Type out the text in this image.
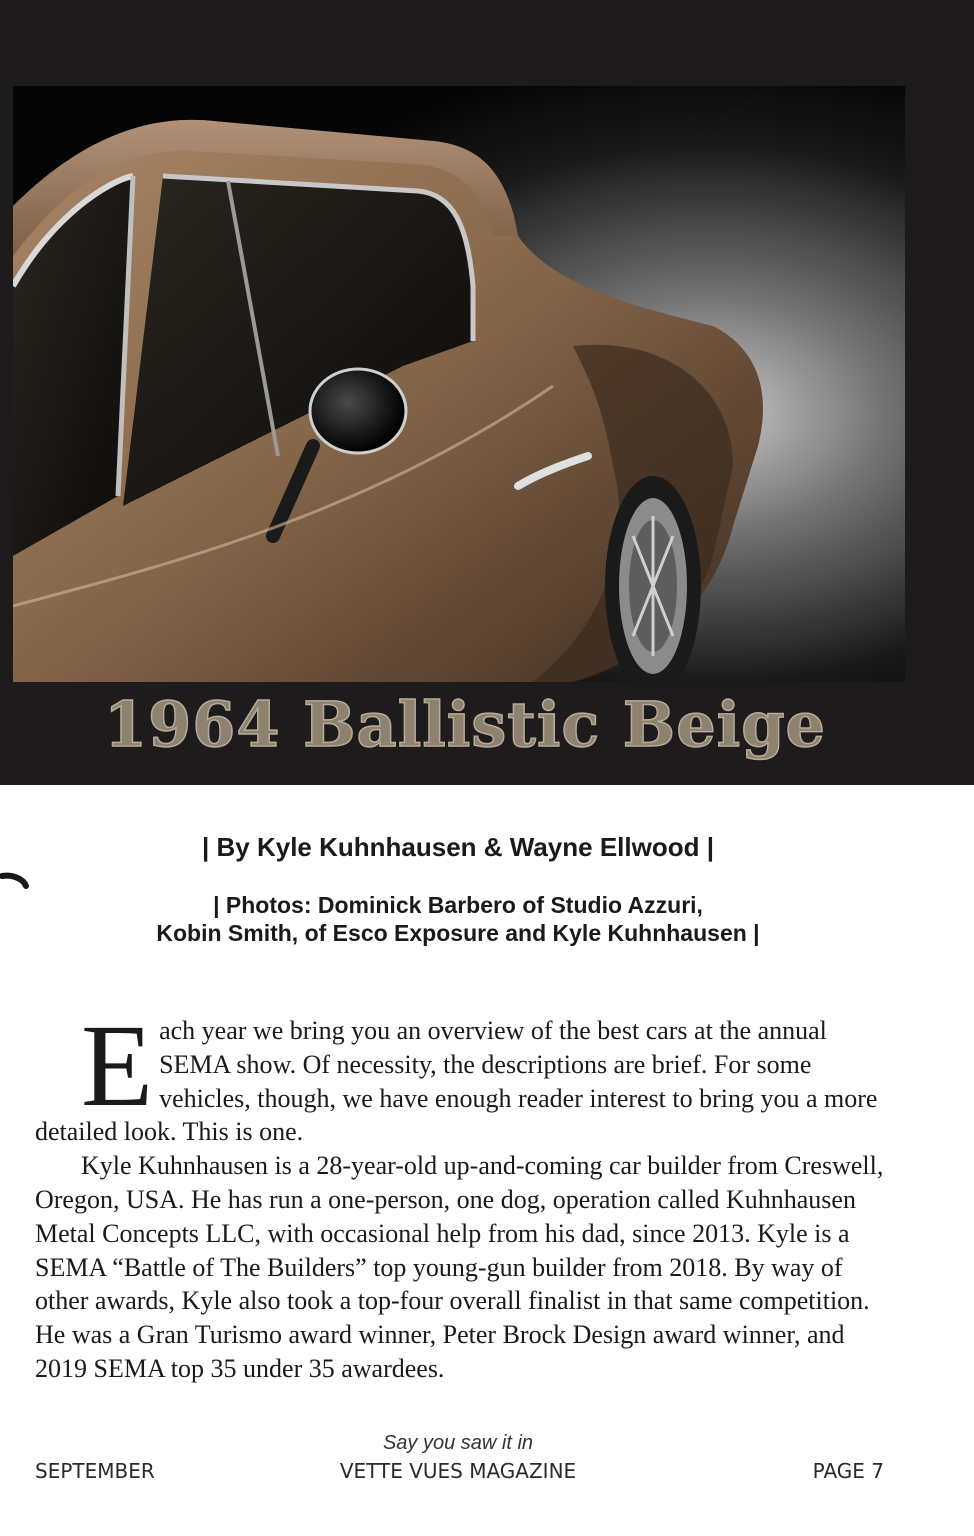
1964 Ballistic Beige
| By Kyle Kuhnhausen & Wayne Ellwood |
| Photos: Dominick Barbero of Studio Azzuri,
Kobin Smith, of Esco Exposure and Kyle Kuhnhausen |

Each year we bring you an overview of the best cars at the annual SEMA show. Of necessity, the descriptions are brief. For some vehicles, though, we have enough reader interest to bring you a more detailed look. This is one.

Kyle Kuhnhausen is a 28-year-old up-and-coming car builder from Creswell, Oregon, USA. He has run a one-person, one dog, operation called Kuhnhausen Metal Concepts LLC, with occasional help from his dad, since 2013. Kyle is a SEMA “Battle of The Builders” top young-gun builder from 2018. By way of other awards, Kyle also took a top-four overall finalist in that same competition. He was a Gran Turismo award winner, Peter Brock Design award winner, and 2019 SEMA top 35 under 35 awardees.

Say you saw it in
SEPTEMBER	VETTE VUES MAGAZINE	PAGE 7
